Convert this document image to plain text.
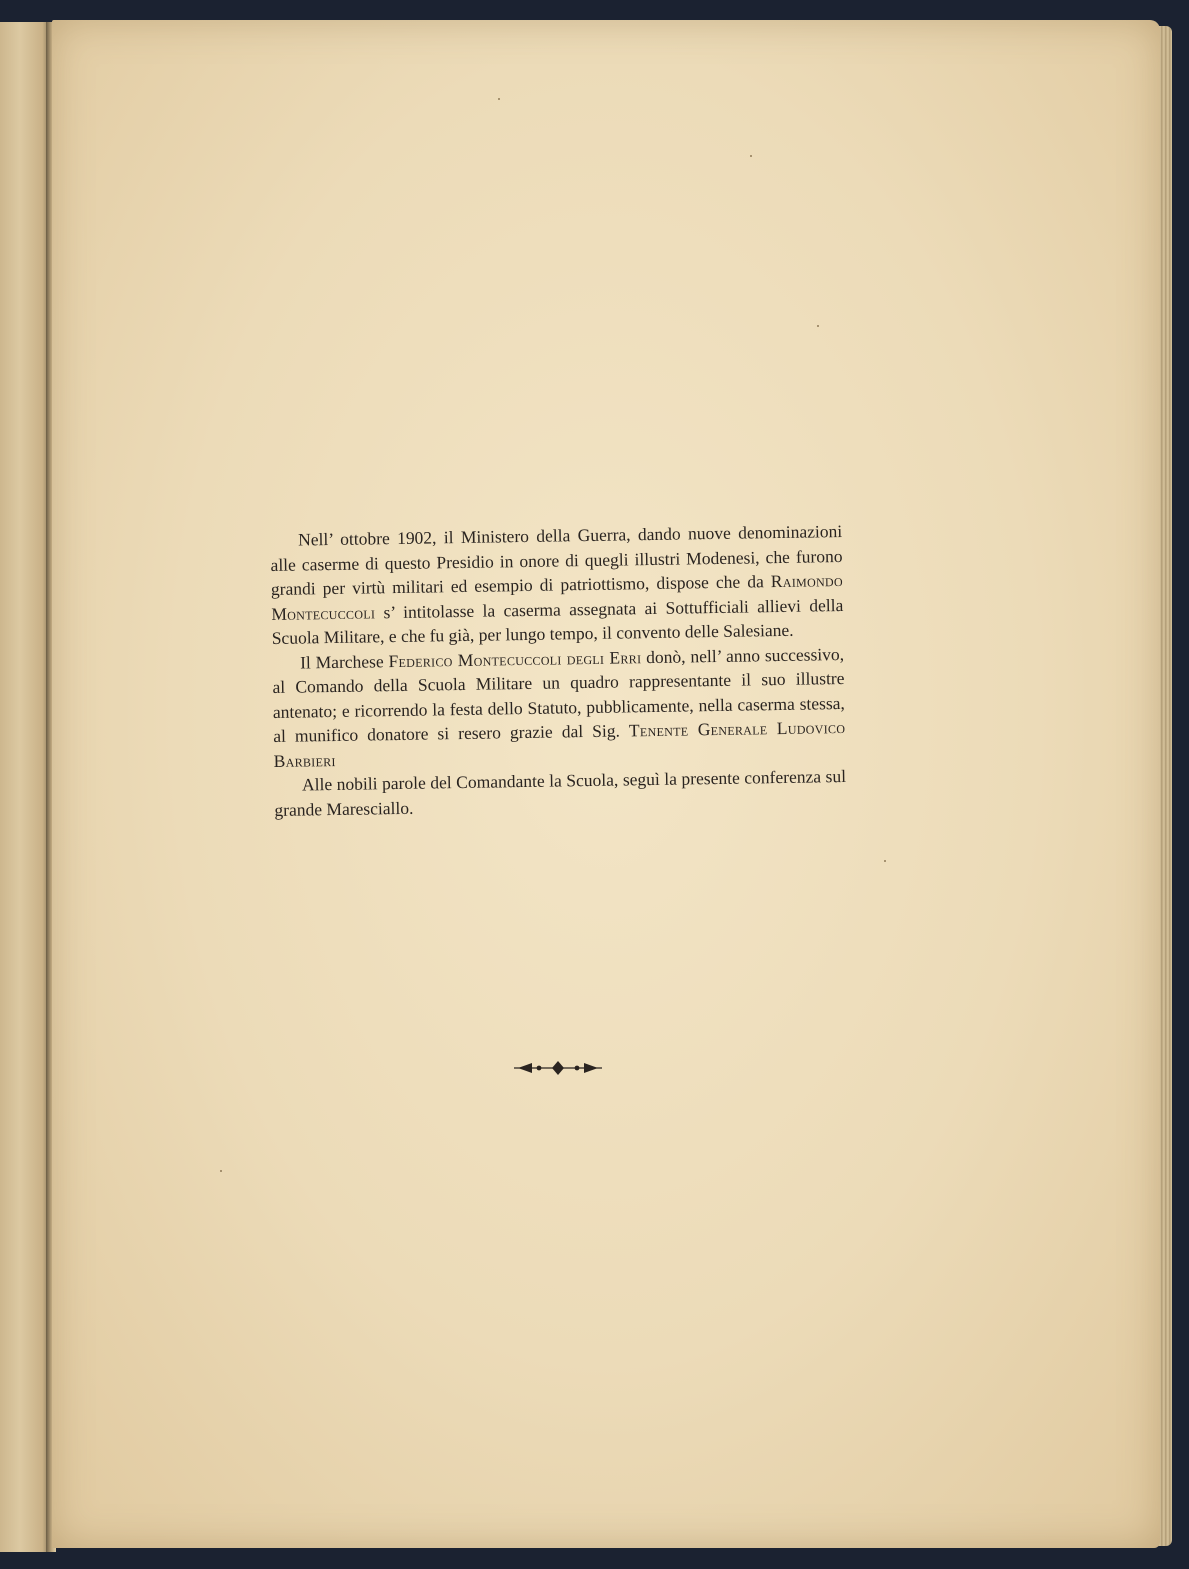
Nell’ ottobre 1902, il Ministero della Guerra, dando nuove denominazioni alle caserme di questo Presidio in onore di quegli illustri Modenesi, che furono grandi per virtù militari ed esempio di patriottismo, dispose che da Raimondo Montecuccoli s’ intitolasse la caserma assegnata ai Sottufficiali allievi della Scuola Militare, e che fu già, per lungo tempo, il convento delle Salesiane.

Il Marchese Federico Montecuccoli degli Erri donò, nell’ anno successivo, al Comando della Scuola Militare un quadro rappresentante il suo illustre antenato; e ricorrendo la festa dello Statuto, pubblicamente, nella caserma stessa, al munifico donatore si resero grazie dal Sig. Tenente Generale Ludovico Barbieri

Alle nobili parole del Comandante la Scuola, seguì la presente conferenza sul grande Maresciallo.
